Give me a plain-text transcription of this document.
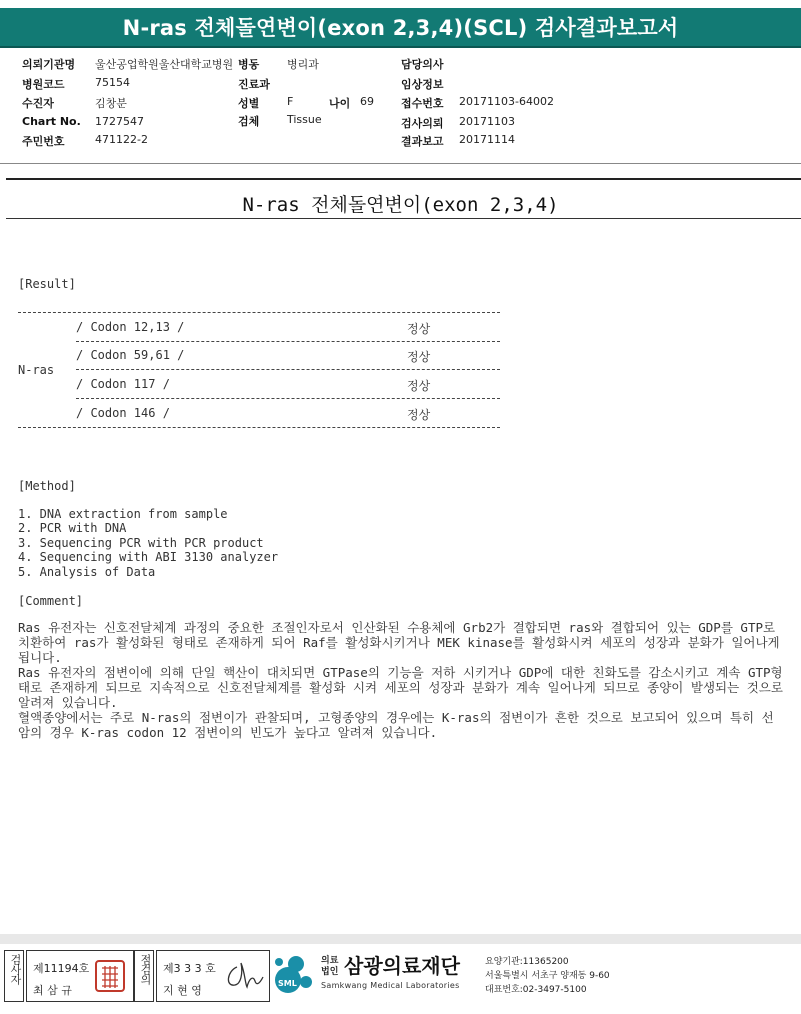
N-ras 전체돌연변이(exon 2,3,4)(SCL) 검사결과보고서
의뢰기관명 울산공업학원울산대학교병원 병동	병리과	담당의사
병원코드	75154	진료과	임상정보
수진자	김창분	성별	F	나이 69 접수번호 20171103-64002
Chart No. 1727547	검체	Tissue	검사의뢰 20171103
주민번호	471122-2	결과보고 20171114
N-ras 전체돌연변이(exon 2,3,4)
[Result]
N-ras
/ Codon 12,13 /	정상
/ Codon 59,61 /	정상
/ Codon 117 /	정상
/ Codon 146 /	정상
[Method]
1. DNA extraction from sample
2. PCR with DNA
3. Sequencing PCR with PCR product
4. Sequencing with ABI 3130 analyzer
5. Analysis of Data
[Comment]

Ras 유전자는 신호전달체계 과정의 중요한 조절인자로서 인산화된 수용체에 Grb2가 결합되면 ras와 결합되어 있는 GDP를 GTP로 치환하여 ras가 활성화된 형태로 존재하게 되어 Raf를 활성화시키거나 MEK kinase를 활성화시켜 세포의 성장과 분화가 일어나게 됩니다.

Ras 유전자의 점변이에 의해 단일 핵산이 대치되면 GTPase의 기능을 저하 시키거나 GDP에 대한 친화도를 감소시키고 계속 GTP형태로 존재하게 되므로 지속적으로 신호전달체계를 활성화 시켜 세포의 성장과 분화가 계속 일어나게 되므로 종양이 발생되는 것으로 알려져 있습니다.

혈액종양에서는 주로 N-ras의 점변이가 관찰되며, 고형종양의 경우에는 K-ras의 점변이가 흔한 것으로 보고되어 있으며 특히 선암의 경우 K-ras codon 12 점변이의 빈도가 높다고 알려져 있습니다.

검사자 제11194호
최 삼 규
점검의 제3 3 3 호
지 현 영
SML
의료
법인 삼광의료재단
Samkwang Medical Laboratories
요양기관:11365200
서울특별시 서초구 양재동 9-60
대표번호:02-3497-5100
